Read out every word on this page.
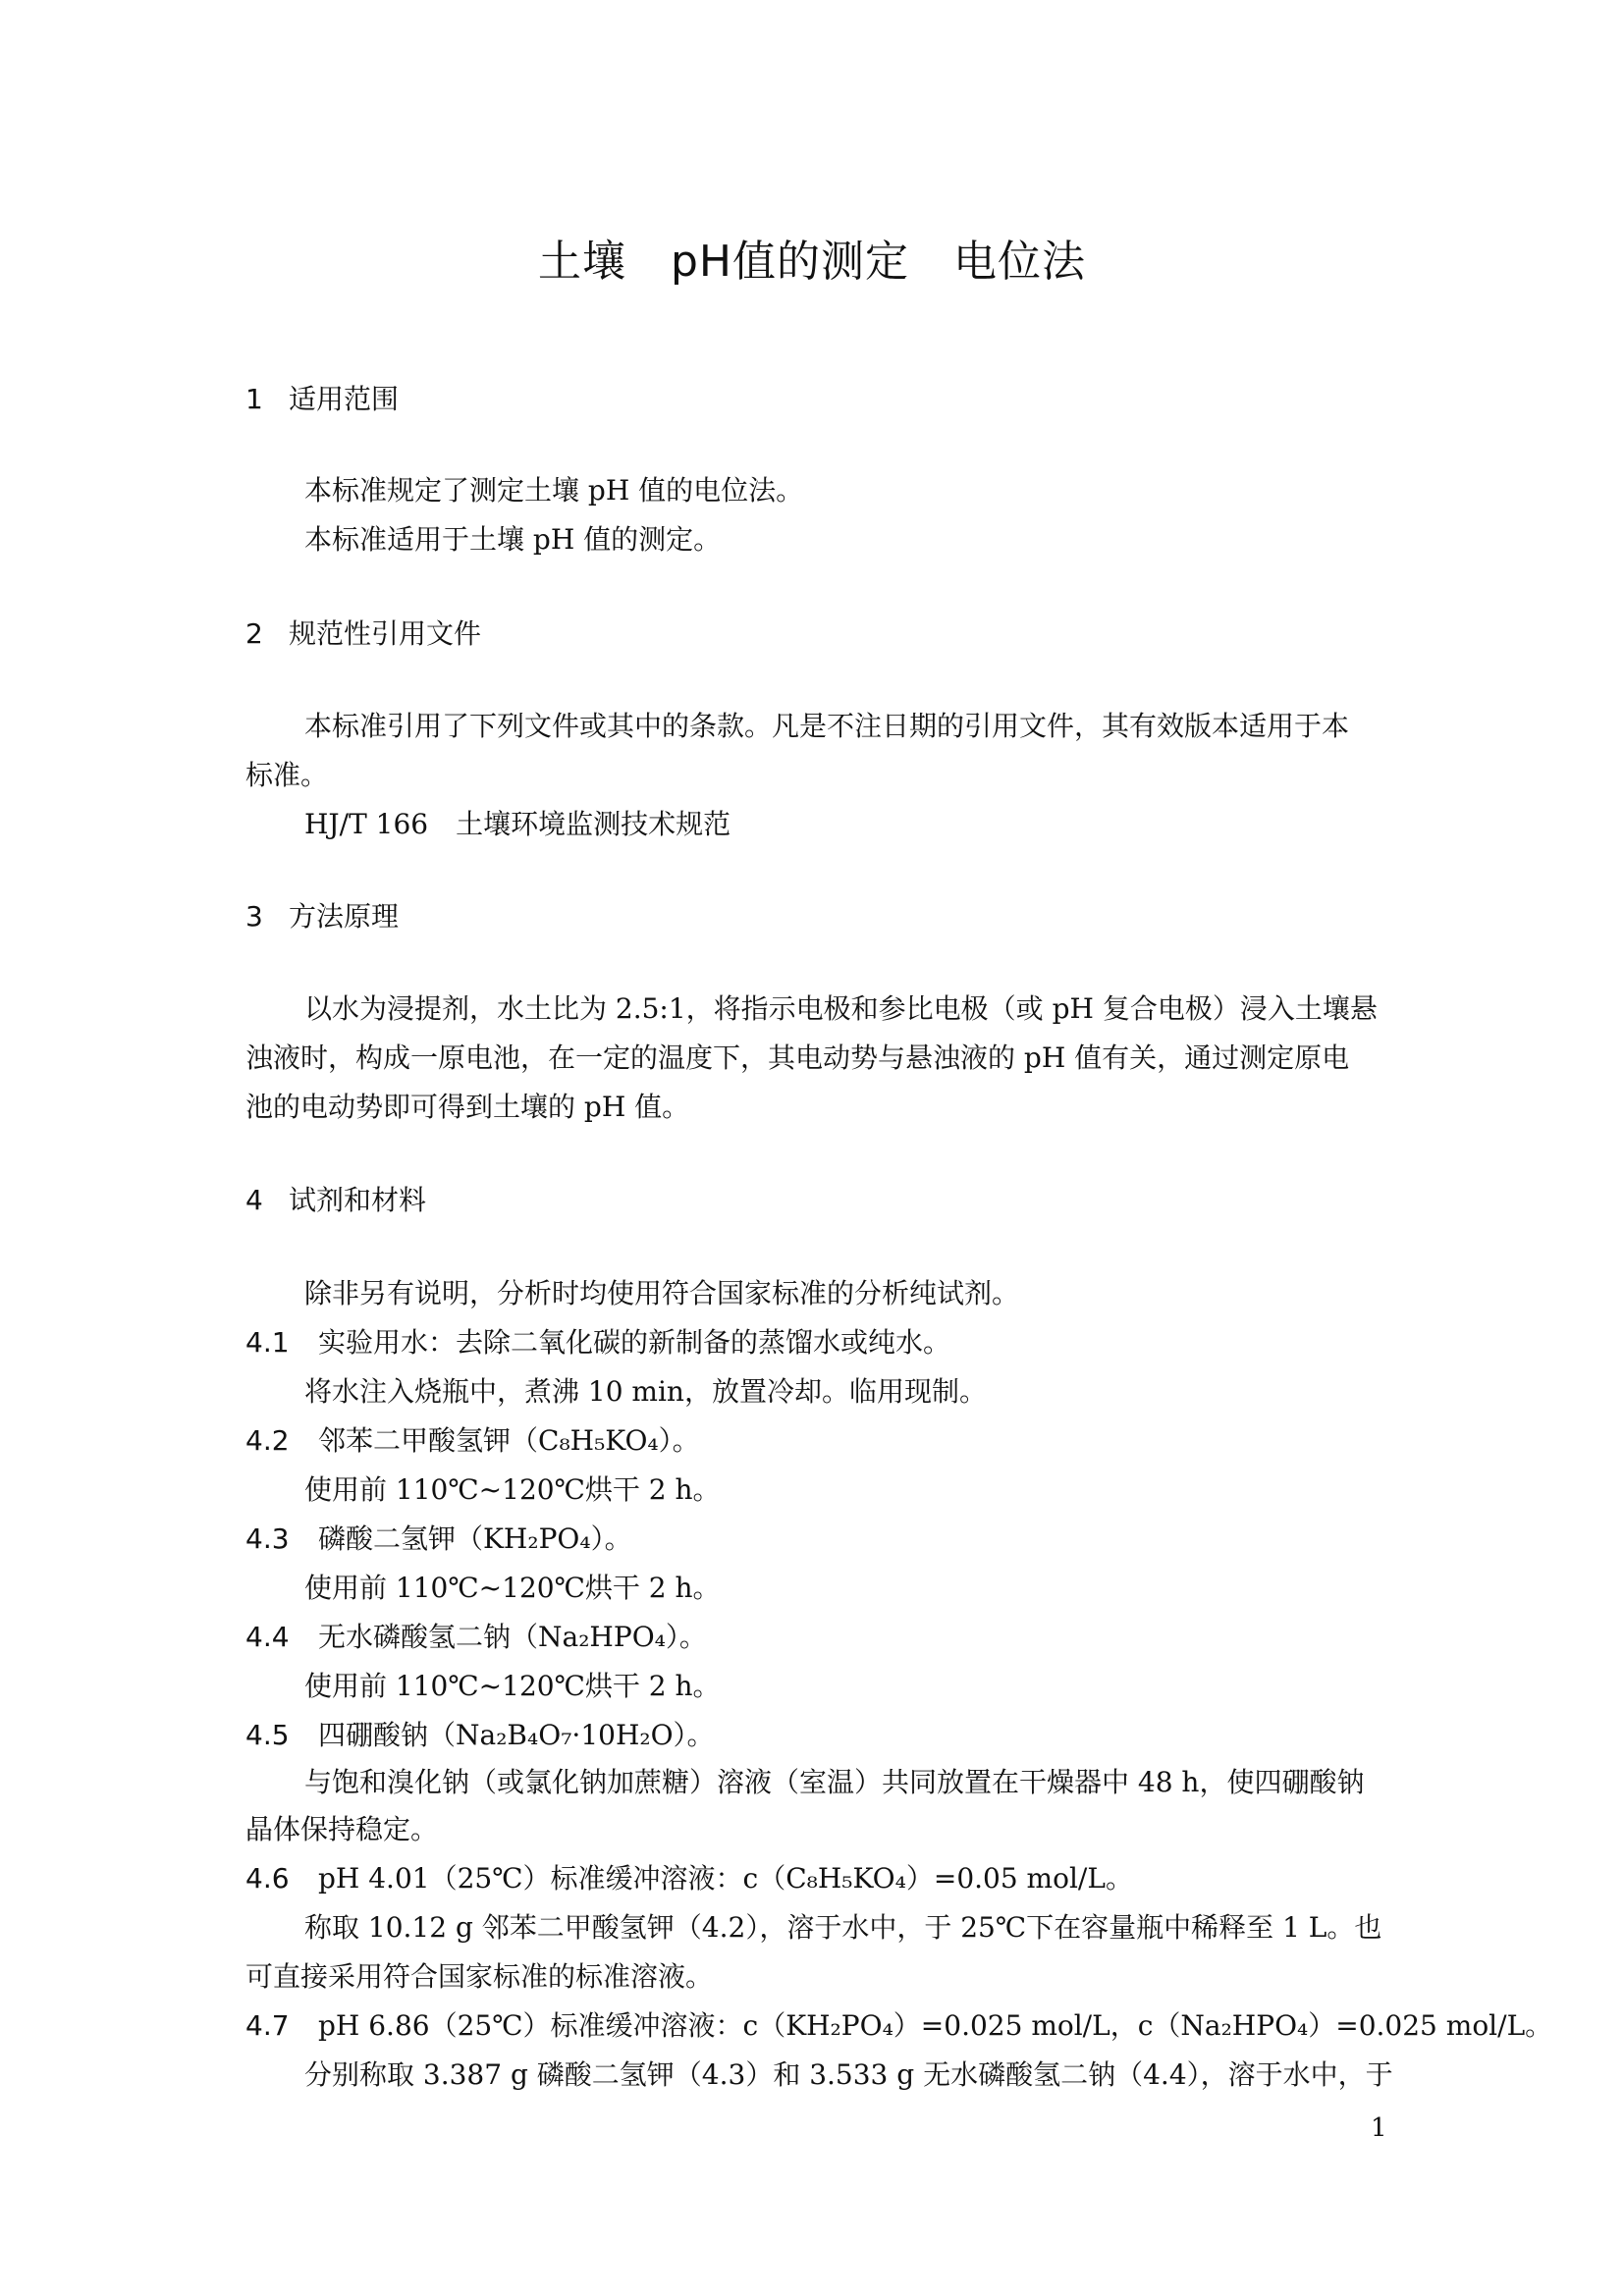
土壤　pH值的测定　电位法
1 适用范围
本标准规定了测定土壤 pH 值的电位法。
本标准适用于土壤 pH 值的测定。
2 规范性引用文件
本标准引用了下列文件或其中的条款。凡是不注日期的引用文件，其有效版本适用于本
标准。
HJ/T 166　土壤环境监测技术规范
3 方法原理
以水为浸提剂，水土比为 2.5:1，将指示电极和参比电极（或 pH 复合电极）浸入土壤悬
浊液时，构成一原电池，在一定的温度下，其电动势与悬浊液的 pH 值有关，通过测定原电
池的电动势即可得到土壤的 pH 值。
4 试剂和材料
除非另有说明，分析时均使用符合国家标准的分析纯试剂。
4.1 实验用水：去除二氧化碳的新制备的蒸馏水或纯水。
将水注入烧瓶中，煮沸 10 min，放置冷却。临用现制。
4.2 邻苯二甲酸氢钾（C₈H₅KO₄）。
使用前 110℃~120℃烘干 2 h。
4.3 磷酸二氢钾（KH₂PO₄）。
使用前 110℃~120℃烘干 2 h。
4.4 无水磷酸氢二钠（Na₂HPO₄）。
使用前 110℃~120℃烘干 2 h。
4.5 四硼酸钠（Na₂B₄O₇·10H₂O）。
与饱和溴化钠（或氯化钠加蔗糖）溶液（室温）共同放置在干燥器中 48 h，使四硼酸钠
晶体保持稳定。
4.6 pH 4.01（25℃）标准缓冲溶液：c（C₈H₅KO₄）=0.05 mol/L。
称取 10.12 g 邻苯二甲酸氢钾（4.2），溶于水中，于 25℃下在容量瓶中稀释至 1 L。也
可直接采用符合国家标准的标准溶液。
4.7 pH 6.86（25℃）标准缓冲溶液：c（KH₂PO₄）=0.025 mol/L，c（Na₂HPO₄）=0.025 mol/L。
分别称取 3.387 g 磷酸二氢钾（4.3）和 3.533 g 无水磷酸氢二钠（4.4），溶于水中，于
1
